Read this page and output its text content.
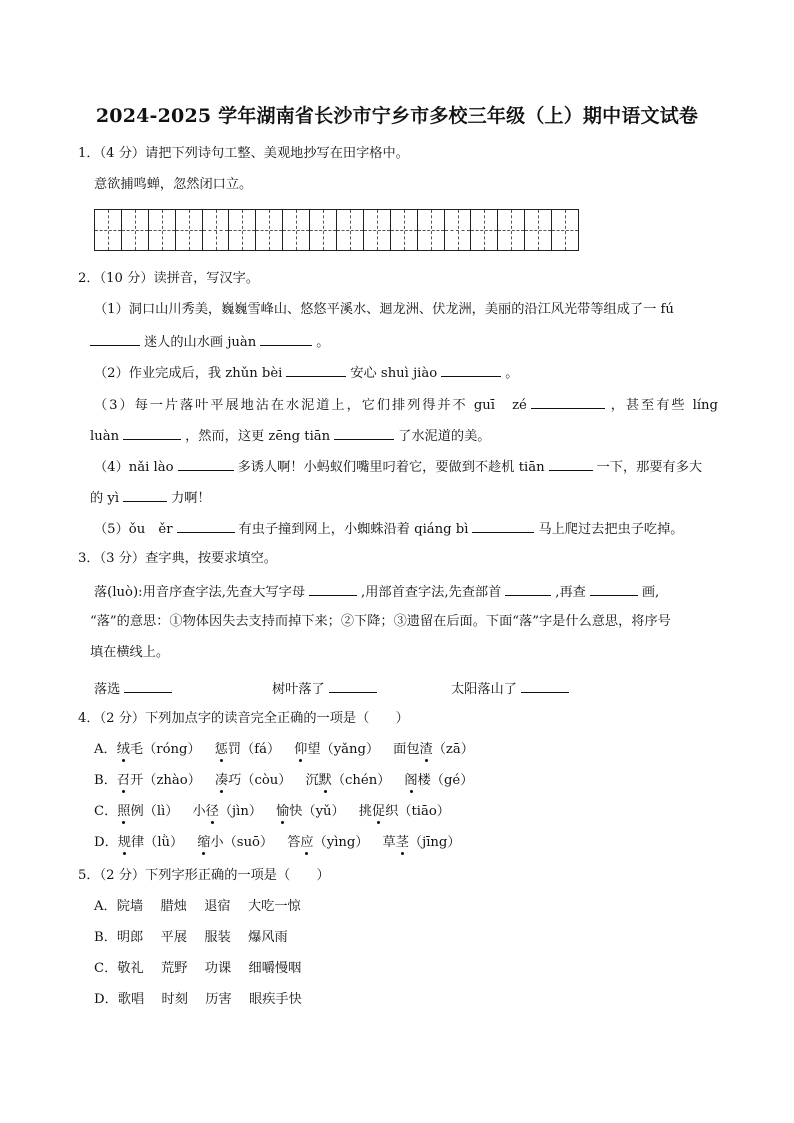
2024-2025 学年湖南省长沙市宁乡市多校三年级（上）期中语文试卷
1．（4 分）请把下列诗句工整、美观地抄写在田字格中。
意欲捕鸣蝉，忽然闭口立。
2．（10 分）读拼音，写汉字。
（1）洞口山川秀美，巍巍雪峰山、悠悠平溪水、迴龙洲、伏龙洲，美丽的沿江风光带等组成了一 fú
迷人的山水画 juàn	。
（2）作业完成后，我 zhǔn bèi	安心 shuì jiào	。
（3）每一片落叶平展地沾在水泥道上，它们排列得并不 guī　zé	，甚至有些 líng
luàn	，然而，这更 zēng tiān	了水泥道的美。
（4）nǎi lào	多诱人啊！小蚂蚁们嘴里叼着它，要做到不趁机 tiān	一下，那要有多大
的 yì	力啊！
（5）ǒu　ěr	有虫子撞到网上，小蜘蛛沿着 qiáng bì	马上爬过去把虫子吃掉。
3．（3 分）查字典，按要求填空。
落(luò):用音序查字法,先查大写字母	,用部首查字法,先查部首	,再查	画,
“落”的意思：①物体因失去支持而掉下来；②下降；③遗留在后面。下面“落”字是什么意思，将序号
填在横线上。
落选	树叶落了	太阳落山了
4．（2 分）下列加点字的读音完全正确的一项是（　　）
A．绒毛（róng） 惩罚（fá） 仰望（yǎng） 面包渣（zā）
B．召开（zhào） 凑巧（còu） 沉默（chén） 阁楼（gé）
C．照例（lì） 小径（jìn） 愉快（yǔ） 挑促织（tiāo）
D．规律（lǜ） 缩小（suō） 答应（yìng） 草茎（jīng）
5．（2 分）下列字形正确的一项是（　　）
A．院墙　 腊烛　 退宿　 大吃一惊
B．明郎　 平展　 服装　 爆风雨
C．敬礼　 荒野　 功课　 细嚼慢咽
D．歌唱　 时刻　 历害　 眼疾手快
